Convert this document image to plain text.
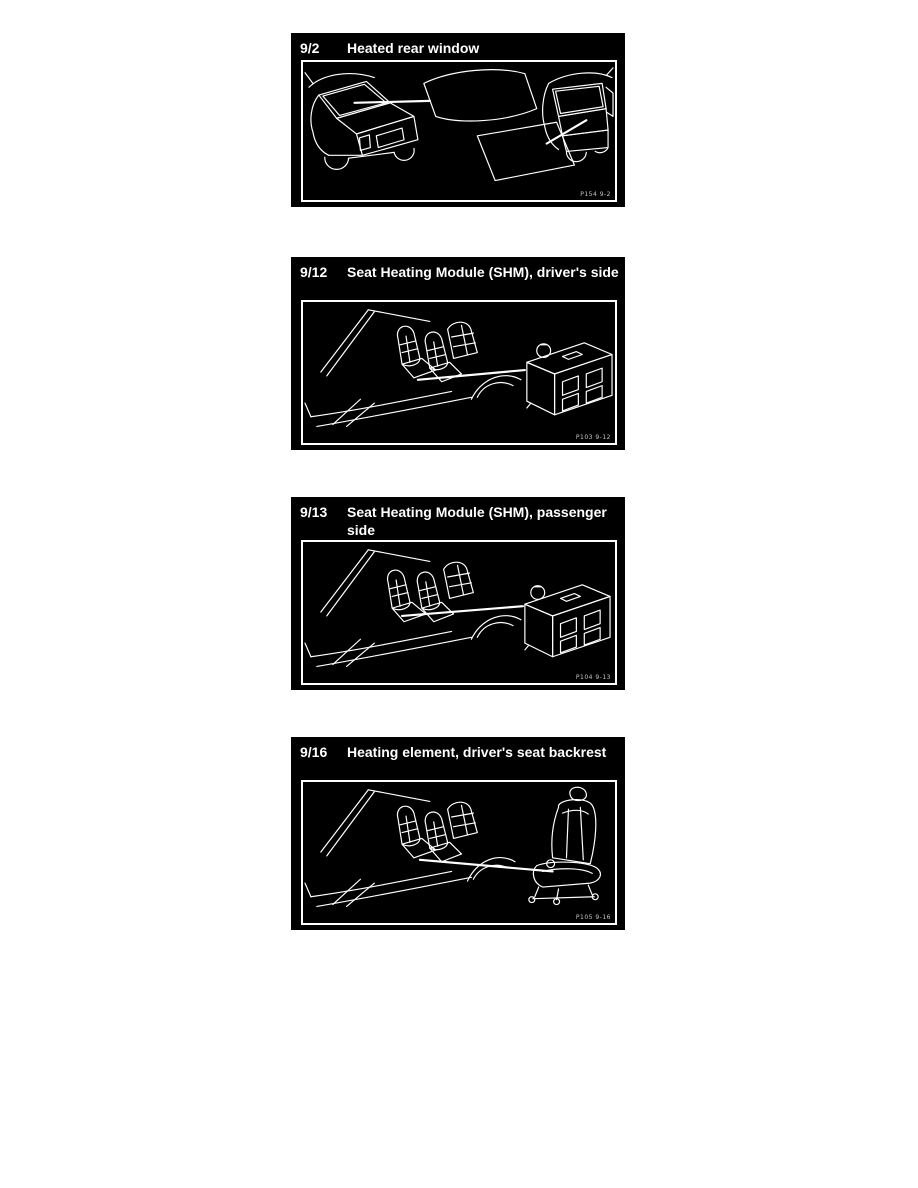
9/2	Heated rear window
P154 9-2
9/12	Seat Heating Module (SHM), driver's side
P103 9-12
9/13	Seat Heating Module (SHM), passenger side
P104 9-13
9/16	Heating element, driver's seat backrest
P105 9-16
